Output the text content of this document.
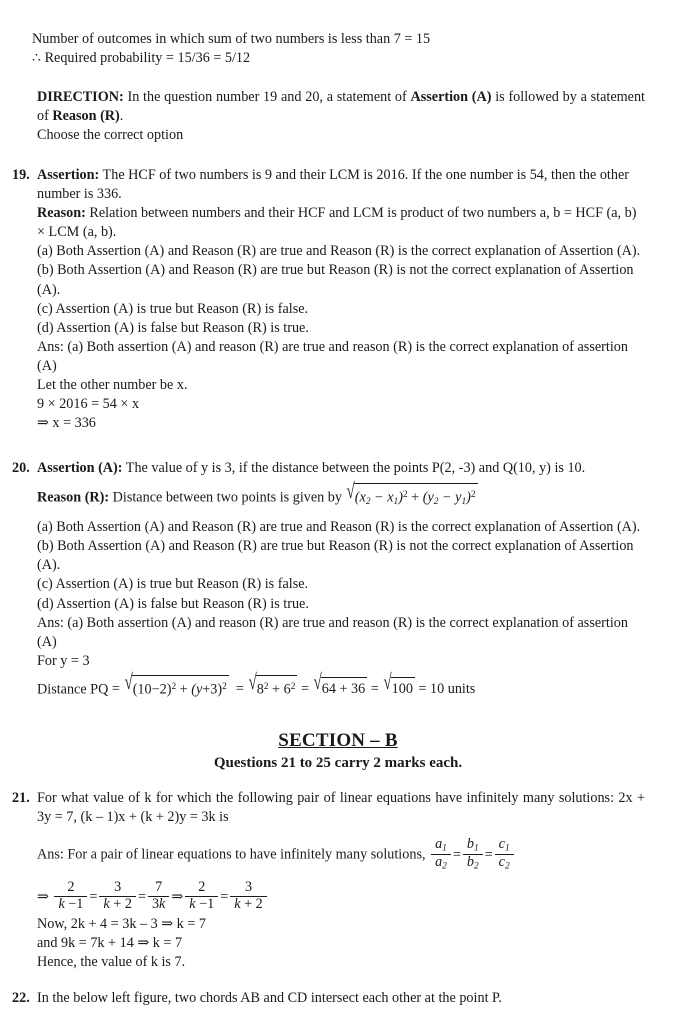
Number of outcomes in which sum of two numbers is less than 7 = 15

∴ Required probability = 15/36 = 5/12

DIRECTION: In the question number 19 and 20, a statement of Assertion (A) is followed by a statement of Reason (R).

Choose the correct option

19. Assertion: The HCF of two numbers is 9 and their LCM is 2016. If the one number is 54, then the other number is 336.

Reason: Relation between numbers and their HCF and LCM is product of two numbers a, b = HCF (a, b) × LCM (a, b).

(a) Both Assertion (A) and Reason (R) are true and Reason (R) is the correct explanation of Assertion (A).

(b) Both Assertion (A) and Reason (R) are true but Reason (R) is not the correct explanation of Assertion (A).

(c) Assertion (A) is true but Reason (R) is false.

(d) Assertion (A) is false but Reason (R) is true.

Ans: (a) Both assertion (A) and reason (R) are true and reason (R) is the correct explanation of assertion (A)

Let the other number be x.

9 × 2016 = 54 × x

⇒ x = 336

20. Assertion (A): The value of y is 3, if the distance between the points P(2, -3) and Q(10, y) is 10.

Reason (R): Distance between two points is given by $√(x_2 - x_1)^2 + (y_2 - y_1)^2$

(a) Both Assertion (A) and Reason (R) are true and Reason (R) is the correct explanation of Assertion (A).

(b) Both Assertion (A) and Reason (R) are true but Reason (R) is not the correct explanation of Assertion (A).

(c) Assertion (A) is true but Reason (R) is false.

(d) Assertion (A) is false but Reason (R) is true.

Ans: (a) Both assertion (A) and reason (R) are true and reason (R) is the correct explanation of assertion (A)

For y = 3

Distance PQ = $√(10-2)^2 + (y+3)^2 = √8^2 + 6^2 = √64 + 36 = √100 = 10$ units

SECTION – B

Questions 21 to 25 carry 2 marks each.

21. For what value of k for which the following pair of linear equations have infinitely many solutions: 2x + 3y = 7, (k – 1)x + (k + 2)y = 3k is

Ans: For a pair of linear equations to have infinitely many solutions, $\frac{a_1}{a_2} = \frac{b_1}{b_2} = \frac{c_1}{c_2}$

⇒ $\frac{2}{k -1} = \frac{3}{k + 2} = \frac{7}{3k}$ ⇒ $\frac{2}{k -1} = \frac{3}{k + 2}$

Now, 2k + 4 = 3k – 3 ⇒ k = 7

and 9k = 7k + 14 ⇒ k = 7

Hence, the value of k is 7.

22. In the below left figure, two chords AB and CD intersect each other at the point P.
